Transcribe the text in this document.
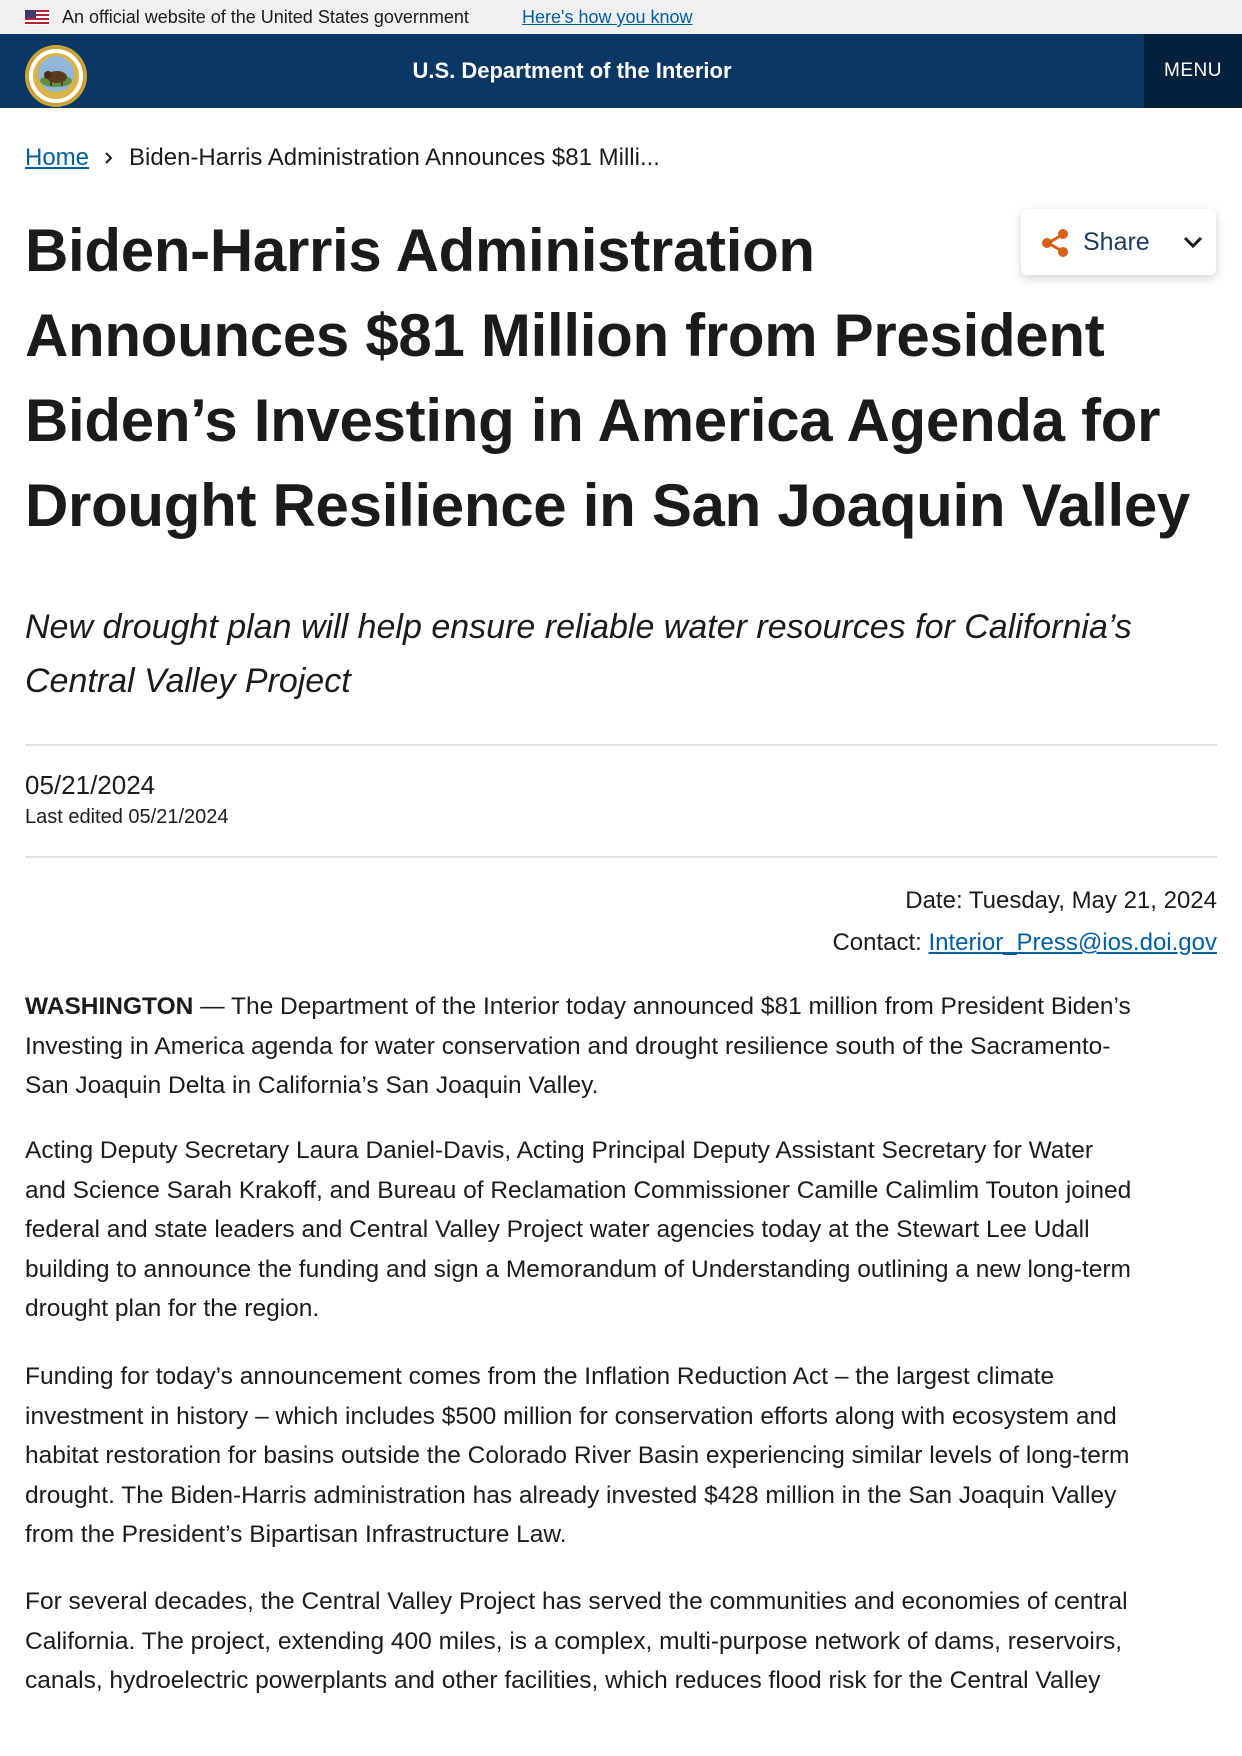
An official website of the United States government	Here's how you know
U.S. Department of the Interior	MENU
Home Biden-Harris Administration Announces $81 Milli...
Biden-Harris Administration
Announces $81 Million from President
Biden’s Investing in America Agenda for
Drought Resilience in San Joaquin Valley
Share

New drought plan will help ensure reliable water resources for California’s
Central Valley Project

05/21/2024
Last edited 05/21/2024
Date: Tuesday, May 21, 2024
Contact: Interior_Press@ios.doi.gov

WASHINGTON — The Department of the Interior today announced $81 million from President Biden’s
Investing in America agenda for water conservation and drought resilience south of the Sacramento-
San Joaquin Delta in California’s San Joaquin Valley.

Acting Deputy Secretary Laura Daniel-Davis, Acting Principal Deputy Assistant Secretary for Water
and Science Sarah Krakoff, and Bureau of Reclamation Commissioner Camille Calimlim Touton joined
federal and state leaders and Central Valley Project water agencies today at the Stewart Lee Udall
building to announce the funding and sign a Memorandum of Understanding outlining a new long-term
drought plan for the region.

Funding for today’s announcement comes from the Inflation Reduction Act – the largest climate
investment in history – which includes $500 million for conservation efforts along with ecosystem and
habitat restoration for basins outside the Colorado River Basin experiencing similar levels of long-term
drought. The Biden-Harris administration has already invested $428 million in the San Joaquin Valley
from the President’s Bipartisan Infrastructure Law.

For several decades, the Central Valley Project has served the communities and economies of central
California. The project, extending 400 miles, is a complex, multi-purpose network of dams, reservoirs,
canals, hydroelectric powerplants and other facilities, which reduces flood risk for the Central Valley
